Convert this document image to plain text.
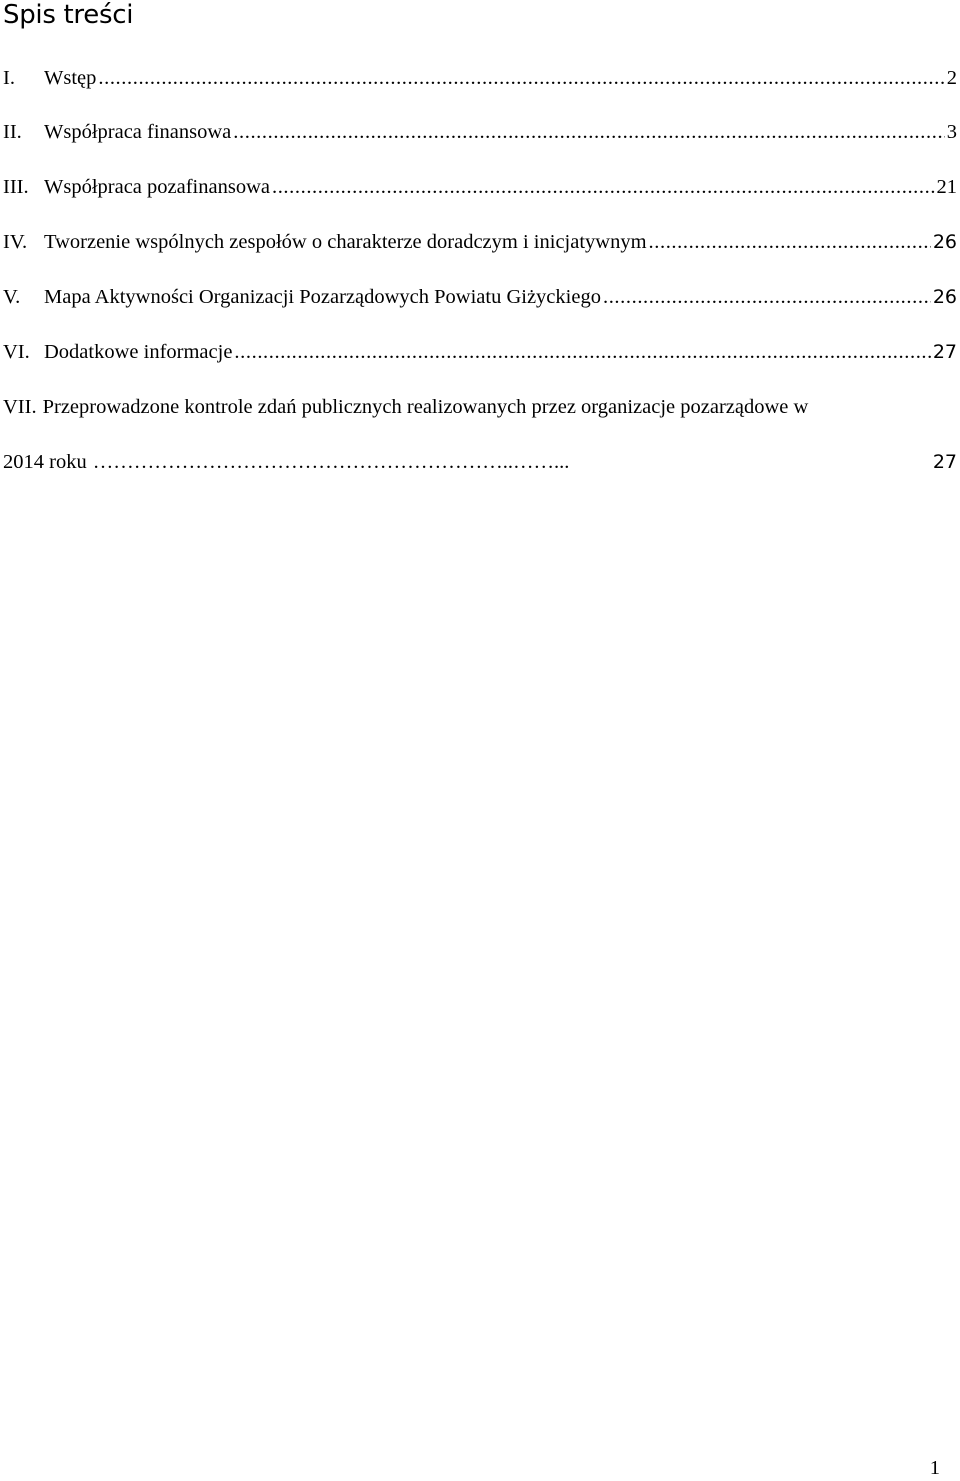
Spis treści
I.	Wstęp .....	2
II.	Współpraca finansowa .....	3
III. Współpraca pozafinansowa .....	21
IV. Tworzenie wspólnych zespołów o charakterze doradczym i inicjatywnym .....	26
V.	Mapa Aktywności Organizacji Pozarządowych Powiatu Giżyckiego .....	26
VI. Dodatkowe informacje .....	27
VII. Przeprowadzone kontrole zdań publicznych realizowanych przez organizacje pozarządowe w
2014 roku ……………………………………………………..……...	27
1
